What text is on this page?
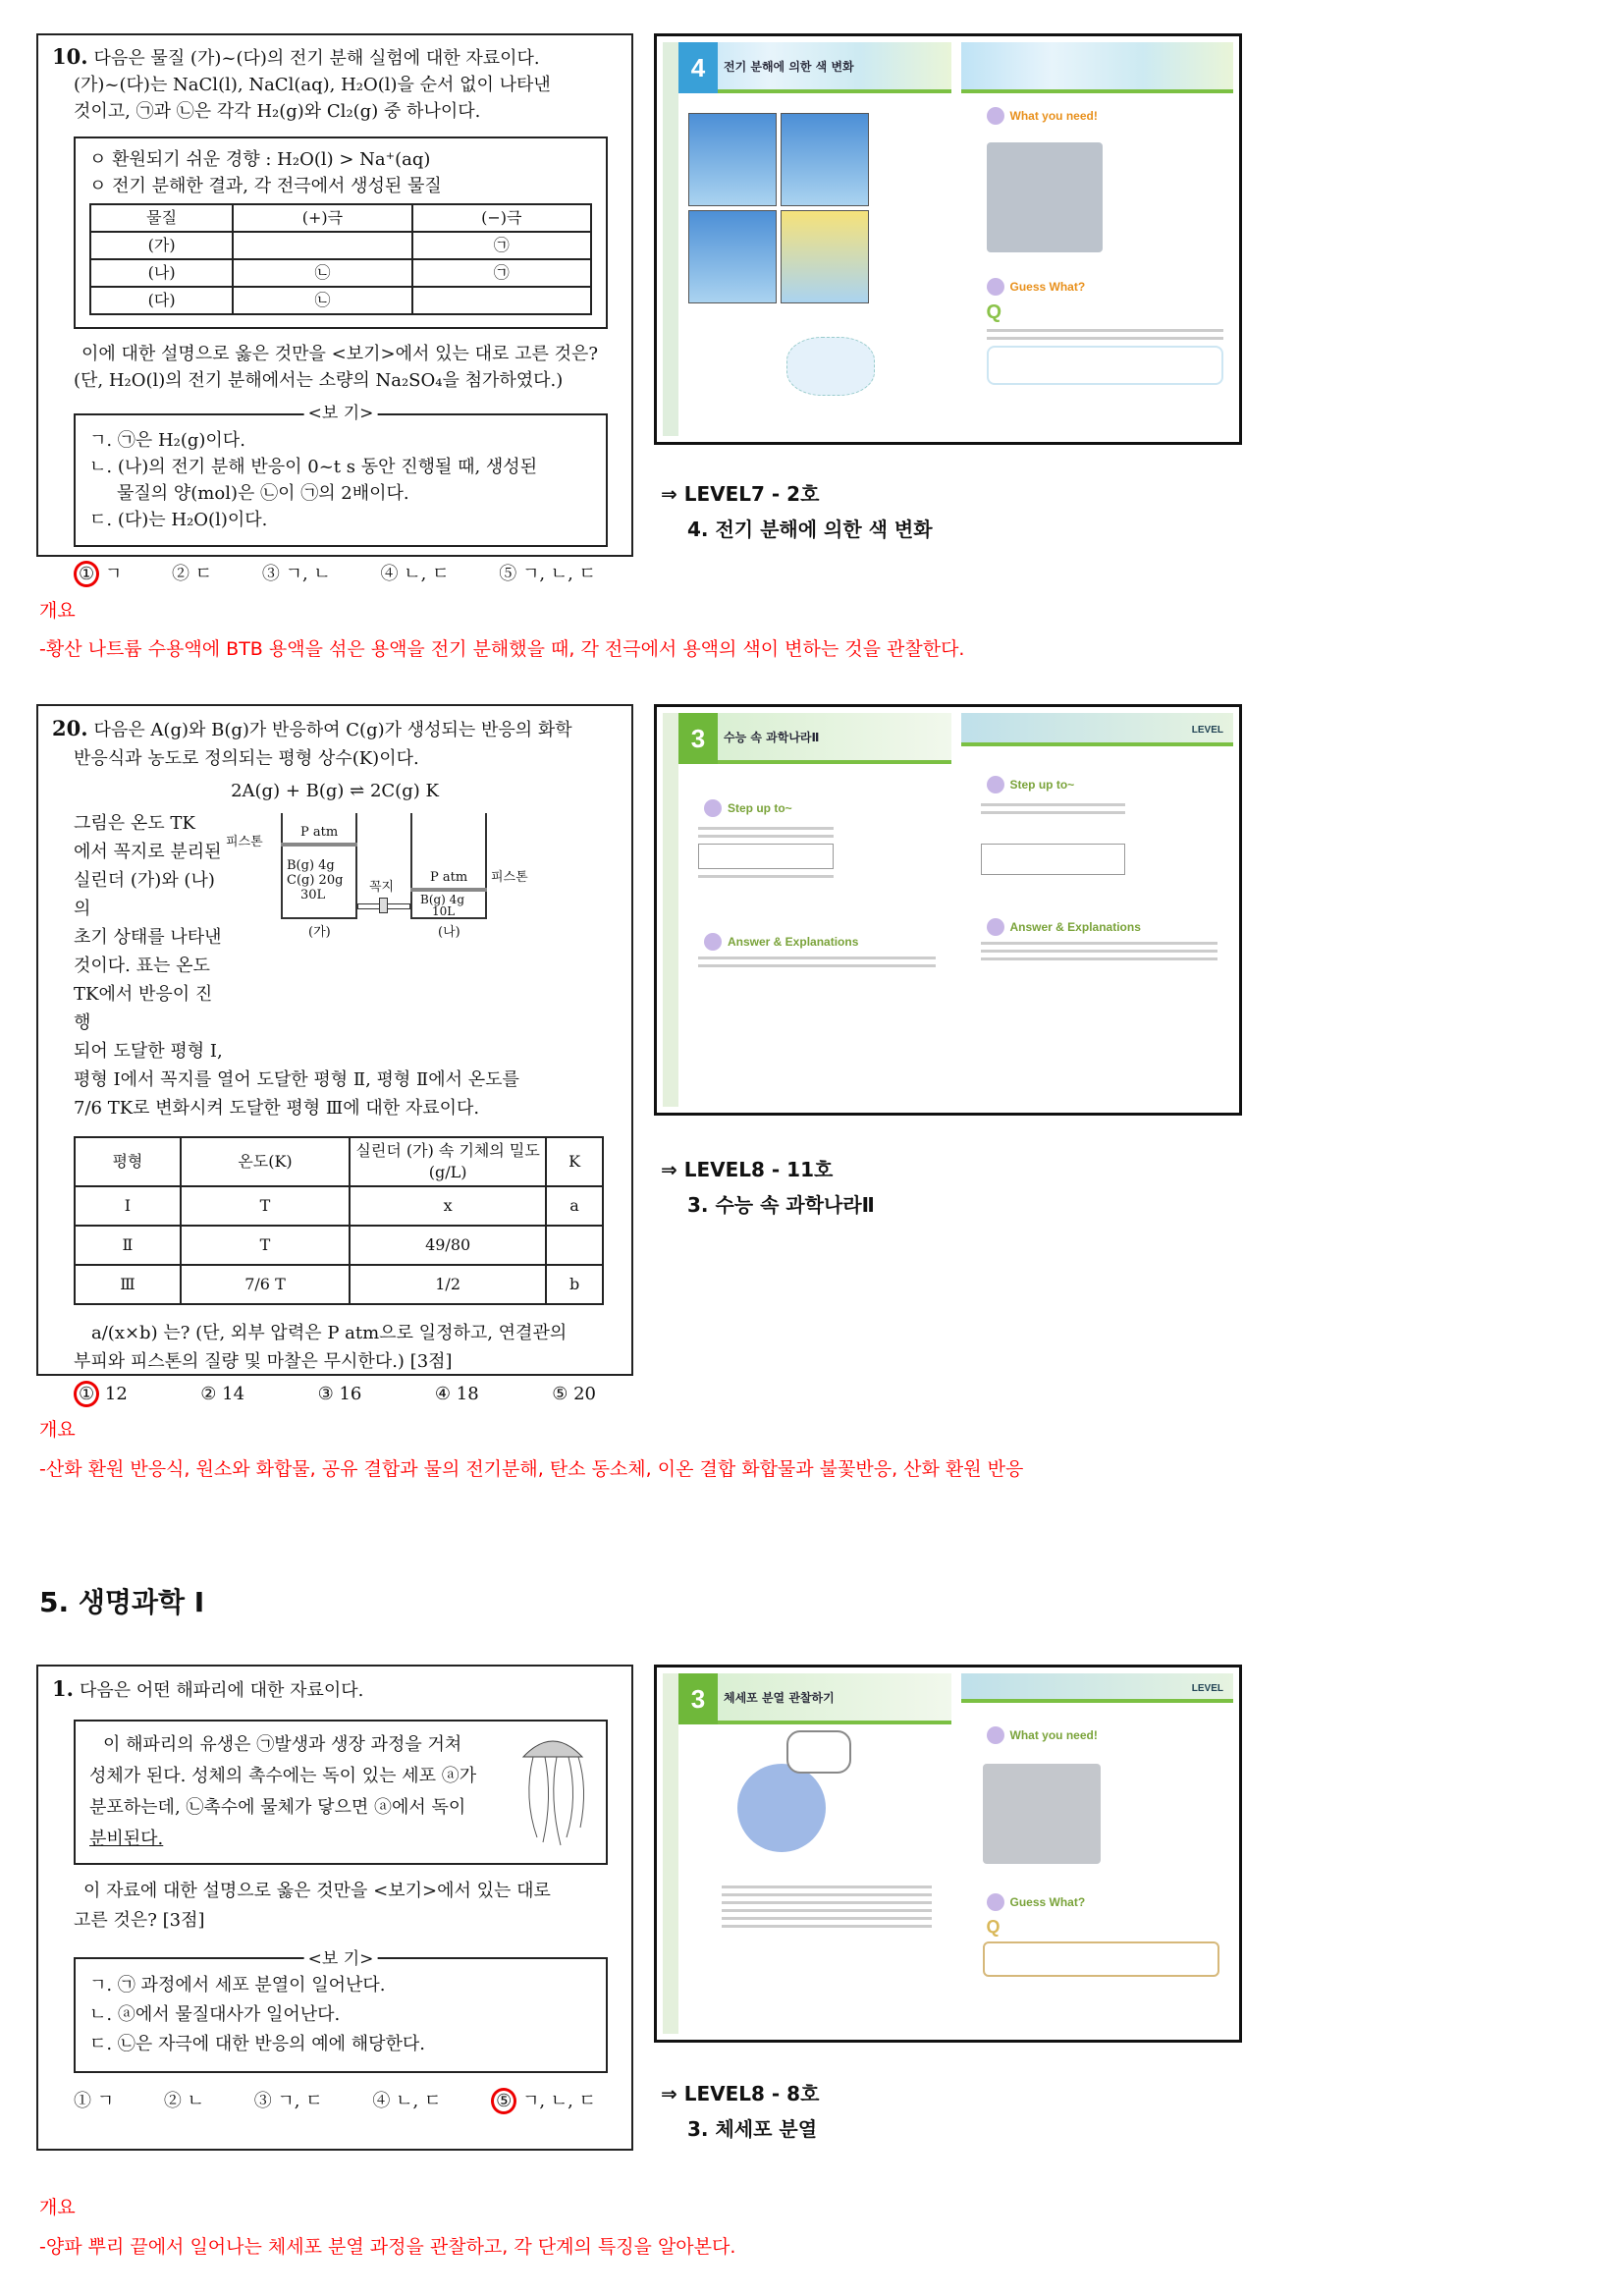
10. 다음은 물질 (가)~(다)의 전기 분해 실험에 대한 자료이다.
(가)~(다)는 NaCl(l), NaCl(aq), H₂O(l)을 순서 없이 나타낸
것이고, ㉠과 ㉡은 각각 H₂(g)와 Cl₂(g) 중 하나이다.
ㅇ 환원되기 쉬운 경향 : H₂O(l) > Na⁺(aq)
ㅇ 전기 분해한 결과, 각 전극에서 생성된 물질
물질	(+)극	(−)극
(가)		㉠
(나)	㉡	㉠
(다)	㉡	
이에 대한 설명으로 옳은 것만을 <보기>에서 있는 대로 고른 것은?
(단, H₂O(l)의 전기 분해에서는 소량의 Na₂SO₄을 첨가하였다.)
<보 기>
ㄱ. ㉠은 H₂(g)이다.
ㄴ. (나)의 전기 분해 반응이 0~t s 동안 진행될 때, 생성된
물질의 양(mol)은 ㉡이 ㉠의 2배이다.
ㄷ. (다)는 H₂O(l)이다.
① ㄱ	② ㄷ	③ ㄱ, ㄴ	④ ㄴ, ㄷ	⑤ ㄱ, ㄴ, ㄷ
4	전기 분해에 의한 색 변화
What you need!
Guess What?
Q
⇒ LEVEL7 - 2호
4. 전기 분해에 의한 색 변화
개요
-황산 나트륨 수용액에 BTB 용액을 섞은 용액을 전기 분해했을 때, 각 전극에서 용액의 색이 변하는 것을 관찰한다.
20. 다음은 A(g)와 B(g)가 반응하여 C(g)가 생성되는 반응의 화학
반응식과 농도로 정의되는 평형 상수(K)이다.
2A(g) + B(g) ⇌ 2C(g) K
그림은 온도 TK
에서 꼭지로 분리된
실린더 (가)와 (나)의
초기 상태를 나타낸
것이다. 표는 온도
TK에서 반응이 진행
되어 도달한 평형 Ⅰ,
P atm
피스톤
B(g) 4g
C(g) 20g
30L
꼭지
P atm 피스톤
B(g) 4g
10L
(가)	(나)
평형 Ⅰ에서 꼭지를 열어 도달한 평형 Ⅱ, 평형 Ⅱ에서 온도를
7/6 TK로 변화시켜 도달한 평형 Ⅲ에 대한 자료이다.
평형	온도(K)	실린더 (가) 속 기체의 밀도(g/L)	K
Ⅰ	T	x	a
Ⅱ	T	49/80	
Ⅲ	7/6 T	1/2	b
a/(x×b) 는? (단, 외부 압력은 P atm으로 일정하고, 연결관의
부피와 피스톤의 질량 및 마찰은 무시한다.) [3점]
① 12	② 14	③ 16	④ 18	⑤ 20
3	수능 속 과학나라Ⅱ
Step up to~
Answer & Explanations
LEVEL
Step up to~
Answer & Explanations
⇒ LEVEL8 - 11호
3. 수능 속 과학나라Ⅱ
개요
-산화 환원 반응식, 원소와 화합물, 공유 결합과 물의 전기분해, 탄소 동소체, 이온 결합 화합물과 불꽃반응, 산화 환원 반응
5. 생명과학 Ⅰ
1. 다음은 어떤 해파리에 대한 자료이다.
이 해파리의 유생은 ㉠발생과 생장 과정을 거쳐
성체가 된다. 성체의 촉수에는 독이 있는 세포 ⓐ가
분포하는데, ㉡촉수에 물체가 닿으면 ⓐ에서 독이
분비된다.
이 자료에 대한 설명으로 옳은 것만을 <보기>에서 있는 대로
고른 것은? [3점]
<보 기>
ㄱ. ㉠ 과정에서 세포 분열이 일어난다.
ㄴ. ⓐ에서 물질대사가 일어난다.
ㄷ. ㉡은 자극에 대한 반응의 예에 해당한다.
① ㄱ	② ㄴ	③ ㄱ, ㄷ	④ ㄴ, ㄷ	⑤ ㄱ, ㄴ, ㄷ
3	체세포 분열 관찰하기
LEVEL
What you need!
Guess What?
Q
⇒ LEVEL8 - 8호
3. 체세포 분열
개요
-양파 뿌리 끝에서 일어나는 체세포 분열 과정을 관찰하고, 각 단계의 특징을 알아본다.
